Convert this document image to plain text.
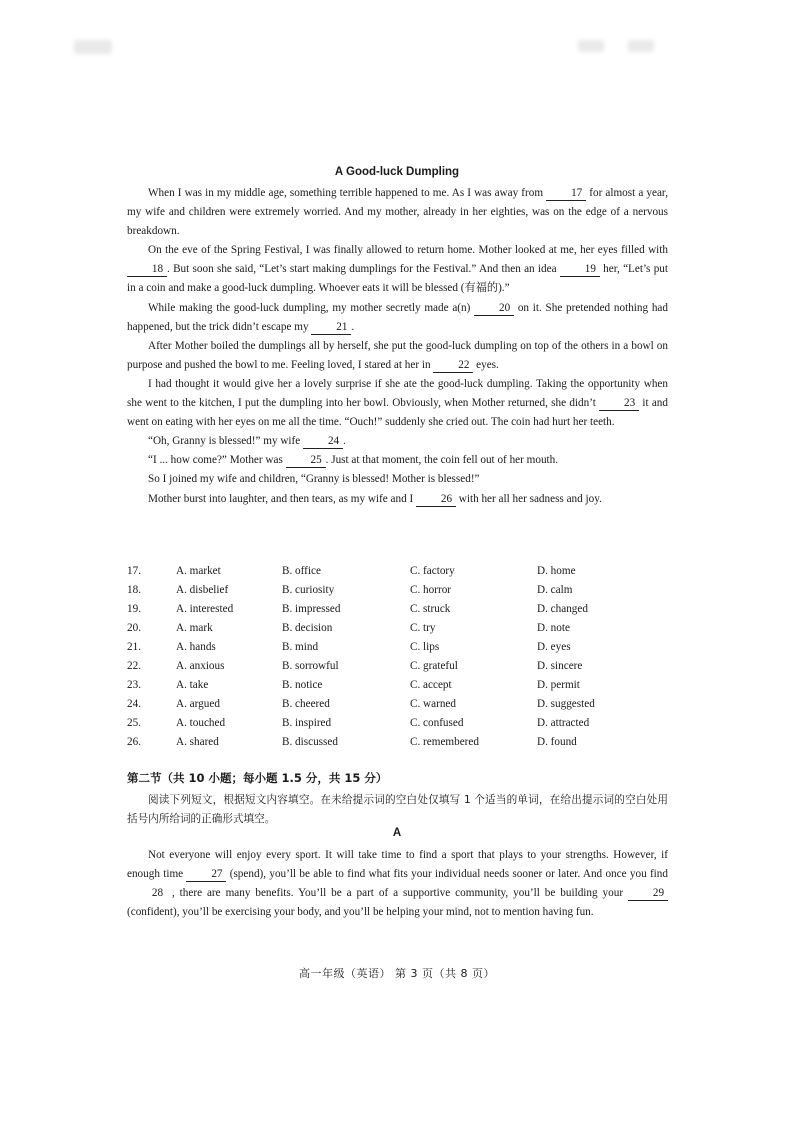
A Good-luck Dumpling

When I was in my middle age, something terrible happened to me. As I was away from 17 for almost a year, my wife and children were extremely worried. And my mother, already in her eighties, was on the edge of a nervous breakdown.

On the eve of the Spring Festival, I was finally allowed to return home. Mother looked at me, her eyes filled with 18 . But soon she said, “Let’s start making dumplings for the Festival.” And then an idea 19 her, “Let’s put in a coin and make a good-luck dumpling. Whoever eats it will be blessed (有福的).”

While making the good-luck dumpling, my mother secretly made a(n) 20 on it. She pretended nothing had happened, but the trick didn’t escape my 21 .

After Mother boiled the dumplings all by herself, she put the good-luck dumpling on top of the others in a bowl on purpose and pushed the bowl to me. Feeling loved, I stared at her in 22 eyes.

I had thought it would give her a lovely surprise if she ate the good-luck dumpling. Taking the opportunity when she went to the kitchen, I put the dumpling into her bowl. Obviously, when Mother returned, she didn’t 23 it and went on eating with her eyes on me all the time. “Ouch!” suddenly she cried out. The coin had hurt her teeth.

“Oh, Granny is blessed!” my wife 24 .

“I ... how come?” Mother was 25 . Just at that moment, the coin fell out of her mouth.

So I joined my wife and children, “Granny is blessed! Mother is blessed!”

Mother burst into laughter, and then tears, as my wife and I 26 with her all her sadness and joy.

17.	A. market	B. office	C. factory	D. home
18.	A. disbelief	B. curiosity	C. horror	D. calm
19.	A. interested	B. impressed	C. struck	D. changed
20.	A. mark	B. decision	C. try	D. note
21.	A. hands	B. mind	C. lips	D. eyes
22.	A. anxious	B. sorrowful	C. grateful	D. sincere
23.	A. take	B. notice	C. accept	D. permit
24.	A. argued	B. cheered	C. warned	D. suggested
25.	A. touched	B. inspired	C. confused	D. attracted
26.	A. shared	B. discussed	C. remembered	D. found
第二节（共 10 小题；每小题 1.5 分，共 15 分）
阅读下列短文，根据短文内容填空。在未给提示词的空白处仅填写 1 个适当的单词，在给出提示词的空白处用括号内所给词的正确形式填空。
A
Not everyone will enjoy every sport. It will take time to find a sport that plays to your strengths. However, if enough time 27 (spend), you’ll be able to find what fits your individual needs sooner or later. And once you find 28 , there are many benefits. You’ll be a part of a supportive community, you’ll be building your 29 (confident), you’ll be exercising your body, and you’ll be helping your mind, not to mention having fun.
高一年级（英语） 第 3 页（共 8 页）
